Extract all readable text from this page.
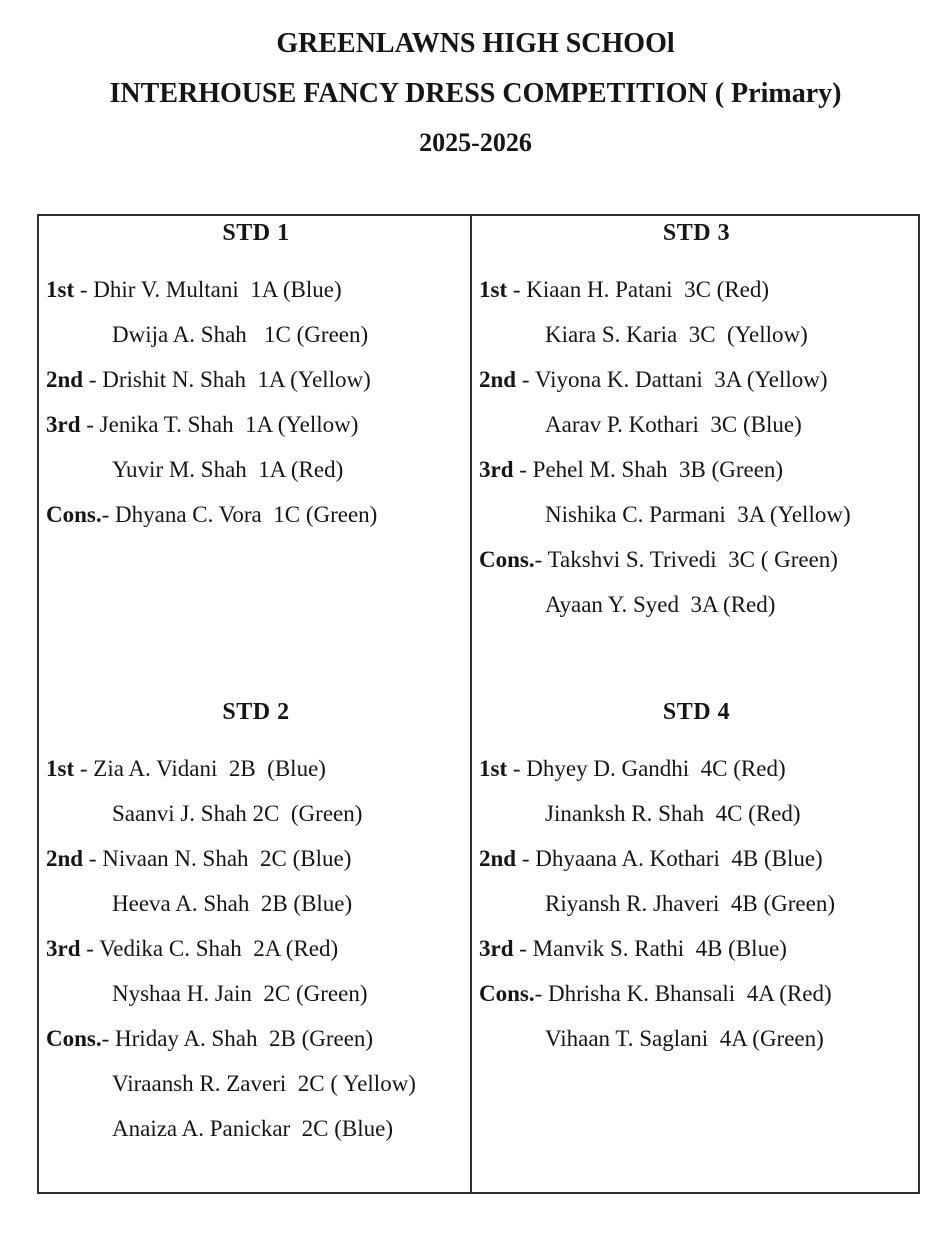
GREENLAWNS HIGH SCHOOl
INTERHOUSE FANCY DRESS COMPETITION ( Primary)
2025-2026
STD 1
1st - Dhir V. Multani  1A (Blue)
Dwija A. Shah   1C (Green)
2nd - Drishit N. Shah  1A (Yellow)
3rd - Jenika T. Shah  1A (Yellow)
Yuvir M. Shah  1A (Red)
Cons.- Dhyana C. Vora  1C (Green)
STD 2
1st - Zia A. Vidani  2B  (Blue)
Saanvi J. Shah 2C  (Green)
2nd - Nivaan N. Shah  2C (Blue)
Heeva A. Shah  2B (Blue)
3rd - Vedika C. Shah  2A (Red)
Nyshaa H. Jain  2C (Green)
Cons.- Hriday A. Shah  2B (Green)
Viraansh R. Zaveri  2C ( Yellow)
Anaiza A. Panickar  2C (Blue)
STD 3
1st - Kiaan H. Patani  3C (Red)
Kiara S. Karia  3C  (Yellow)
2nd - Viyona K. Dattani  3A (Yellow)
Aarav P. Kothari  3C (Blue)
3rd - Pehel M. Shah  3B (Green)
Nishika C. Parmani  3A (Yellow)
Cons.- Takshvi S. Trivedi  3C ( Green)
Ayaan Y. Syed  3A (Red)
STD 4
1st - Dhyey D. Gandhi  4C (Red)
Jinanksh R. Shah  4C (Red)
2nd - Dhyaana A. Kothari  4B (Blue)
Riyansh R. Jhaveri  4B (Green)
3rd - Manvik S. Rathi  4B (Blue)
Cons.- Dhrisha K. Bhansali  4A (Red)
Vihaan T. Saglani  4A (Green)
